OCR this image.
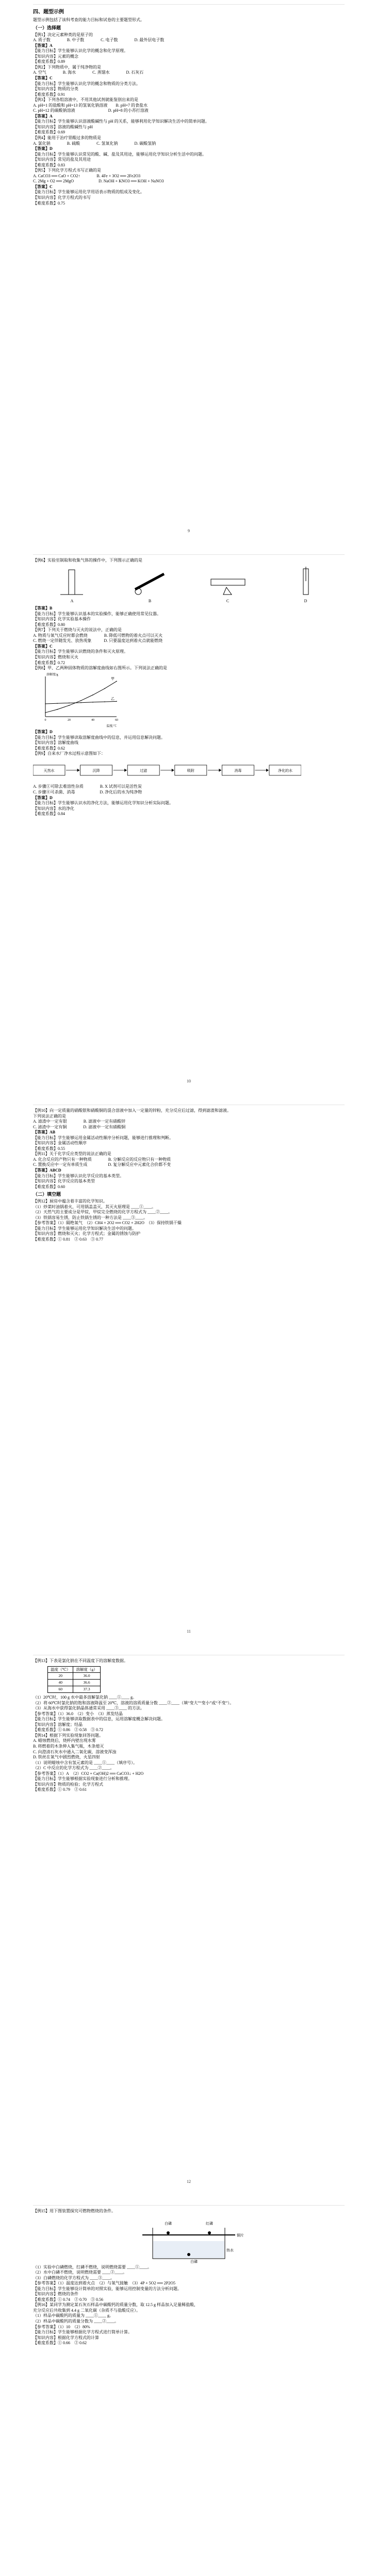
四、题型示例

题型示例包括了该科考查的能力目标和试卷的主要题型形式。

（一）选择题

【例1】决定元素种类的是原子的

A. 质子数　　　　B. 中子数　　　　C. 电子数　　　　D. 最外层电子数

【答案】A

【能力目标】学生能够认识化学的概念和化学原理。

【知识内容】元素的概念

【难度系数】0.89

【例2】下列物质中，属于纯净物的是

A. 空气　　　　B. 海水　　　　C. 蒸馏水　　　　D. 石灰石

【答案】C

【能力目标】学生能够认识化学的概念和物质的分类方法。

【知识内容】物质的分类

【难度系数】0.91

【例3】下列各组溶液中，不用其他试剂就能鉴别出来的是

A. pH=1 的盐酸和 pH=13 的氢氧化钠溶液　　B. pH=7 的食盐水

C. pH=12 的碳酸钠溶液　　　　　　　　D. pH=8 的小苏打溶液

【答案】A

【能力目标】学生能够认识溶液酸碱性与 pH 的关系，能够利用化学知识解决生活中的简单问题。

【知识内容】溶液的酸碱性与 pH

【难度系数】0.69

【例4】能用于治疗胃酸过多的物质是

A. 氯化钠　　　　B. 硫酸　　　　C. 氢氧化钠　　　　D. 碳酸氢钠

【答案】D

【能力目标】学生能够认识常见的酸、碱、盐及其用途，能够运用化学知识分析生活中的问题。

【知识内容】常见的盐及其用途

【难度系数】0.83

【例5】下列化学方程式书写正确的是

A. CaCO3 ══ CaO + CO2↑　　　　B. 4Fe + 3O2 ══ 2Fe2O3

C. 2Mg + O2 ══ 2MgO　　　　　　D. NaOH + KNO3 ══ KOH + NaNO3

【答案】C

【能力目标】学生能够运用化学用语表示物质的组成及变化。

【知识内容】化学方程式的书写

【难度系数】0.75

9

【例6】实验室制取和收集气体的操作中，下列图示正确的是

A	B	C	D

【答案】B

【能力目标】学生能够认识基本的实验操作，能够正确使用常见仪器。

【知识内容】化学实验基本操作

【难度系数】0.80

【例7】下列关于燃烧与灭火的说法中，正确的是

A. 物质与氧气反应时都会燃烧　　　　B. 降低可燃物的着火点可以灭火

C. 燃烧一定伴随发光、放热现象　　　D. 只要温度达到着火点就能燃烧

【答案】C

【能力目标】学生能够认识燃烧的条件和灭火原理。

【知识内容】燃烧和灭火

【难度系数】0.72

【例8】甲、乙两种固体物质的溶解度曲线如右图所示。下列说法正确的是

0	20	40	60
温度/℃
溶解度/g
甲
乙

【答案】D

【能力目标】学生能够读取溶解度曲线中的信息，并运用信息解决问题。

【知识内容】溶解度曲线

【难度系数】0.62

【例9】自来水厂净水过程示意图如下：

天然水	沉降	过滤	吸附	消毒	净化的水

A. 步骤①可除去难溶性杂质　　　　B. X 试剂可以是活性炭

C. 步骤④可杀菌、消毒　　　　　　D. 净化后的水为纯净物

【答案】D

【能力目标】学生能够认识水的净化方法，能够运用化学知识分析实际问题。

【知识内容】水的净化

【难度系数】0.84

10

【例10】向一定质量的硝酸银和硝酸铜的混合溶液中加入一定量的锌粉，充分反应后过滤，得到滤渣和滤液。

下列说法正确的是

A. 滤渣中一定有银　　　　B. 滤液中一定有硝酸锌

C. 滤渣中一定有铜　　　　D. 滤液中一定有硝酸铜

【答案】AB

【能力目标】学生能够运用金属活动性顺序分析问题，能够进行推理和判断。

【知识内容】金属活动性顺序

【难度系数】0.55

【例11】关于化学反应类型的说法正确的是

A. 化合反应的产物只有一种物质　　　　B. 分解反应的反应物只有一种物质

C. 置换反应中一定有单质生成　　　　　D. 复分解反应中元素化合价都不变

【答案】ABCD

【能力目标】学生能够认识化学反应的基本类型。

【知识内容】化学反应的基本类型

【难度系数】0.60

（二）填空题

【例12】厨房中蕴含着丰富的化学知识。

（1）炒菜时油锅着火，可用锅盖盖灭，其灭火原理是 ____①____。

（2）天然气的主要成分是甲烷，甲烷完全燃烧的化学方程式为 ____②____。

（3）铁锅容易生锈，防止铁锅生锈的一种方法是 ____③____。

【参考答案】（1）隔绝氧气　（2）CH4 + 2O2 ══ CO2 + 2H2O　（3）保持铁锅干燥

【能力目标】学生能够运用化学知识解决生活中的问题。

【知识内容】燃烧和灭火；化学方程式；金属的锈蚀与防护

【难度系数】① 0.81　② 0.63　③ 0.77

11

【例13】下表是氯化钠在不同温度下的溶解度数据。

温度（℃）	溶解度（g）
20	36.0
40	36.6
60	37.3

（1）20℃时，100 g 水中最多溶解氯化钠 ____①____ g。

（2）将 60℃时氯化钠的饱和溶液降温至 20℃，溶液的溶质质量分数 ____②____（填“变大”“变小”或“不变”）。

（3）从海水中获得氯化钠晶体通常采用 ____③____ 的方法。

【参考答案】（1）36.0　（2）变小　（3）蒸发结晶

【能力目标】学生能够读取数据表中的信息，运用溶解度概念解决问题。

【知识内容】溶解度；结晶

【难度系数】① 0.86　② 0.58　③ 0.72

【例14】根据下列实验现象回答问题。

A. 蜡烛燃烧后，烧杯内壁出现水雾

B. 将燃着的木条伸入集气瓶，木条熄灭

C. 向澄清石灰水中通入二氧化碳，溶液变浑浊

D. 铁丝在氧气中剧烈燃烧，火星四射

（1）说明蜡烛中含有氢元素的是 ____①____（填序号）。

（2）C 中反应的化学方程式为 ____②____。

【参考答案】（1）A　（2）CO2 + Ca(OH)2 ══ CaCO3↓ + H2O

【能力目标】学生能够根据实验现象进行分析和推理。

【知识内容】物质的检验；化学方程式

【难度系数】① 0.79　② 0.61

12

【例15】用下图装置探究可燃物燃烧的条件。

白磷	红磷
铜片
热水
白磷

（1）实验中白磷燃烧，红磷不燃烧，说明燃烧需要 ____①____。

（2）水中白磷不燃烧，说明燃烧需要 ____②____。

（3）白磷燃烧的化学方程式为 ____③____。

【参考答案】（1）温度达到着火点　（2）与氧气接触　（3）4P + 5O2 ══ 2P2O5

【能力目标】学生能够设计简单的对照实验，能够运用控制变量的方法分析问题。

【知识内容】燃烧的条件

【难度系数】① 0.74　② 0.70　③ 0.56

【例16】某同学为测定某石灰石样品中碳酸钙的质量分数，取 12.5 g 样品加入足量稀盐酸，

充分反应后共收集到 4.4 g 二氧化碳（杂质不与盐酸反应）。

（1）样品中碳酸钙的质量为 ____①____ g。

（2）样品中碳酸钙的质量分数为 ____②____。

【参考答案】（1）10　（2）80%

【能力目标】学生能够根据化学方程式进行简单计算。

【知识内容】根据化学方程式的计算

【难度系数】① 0.66　② 0.62
